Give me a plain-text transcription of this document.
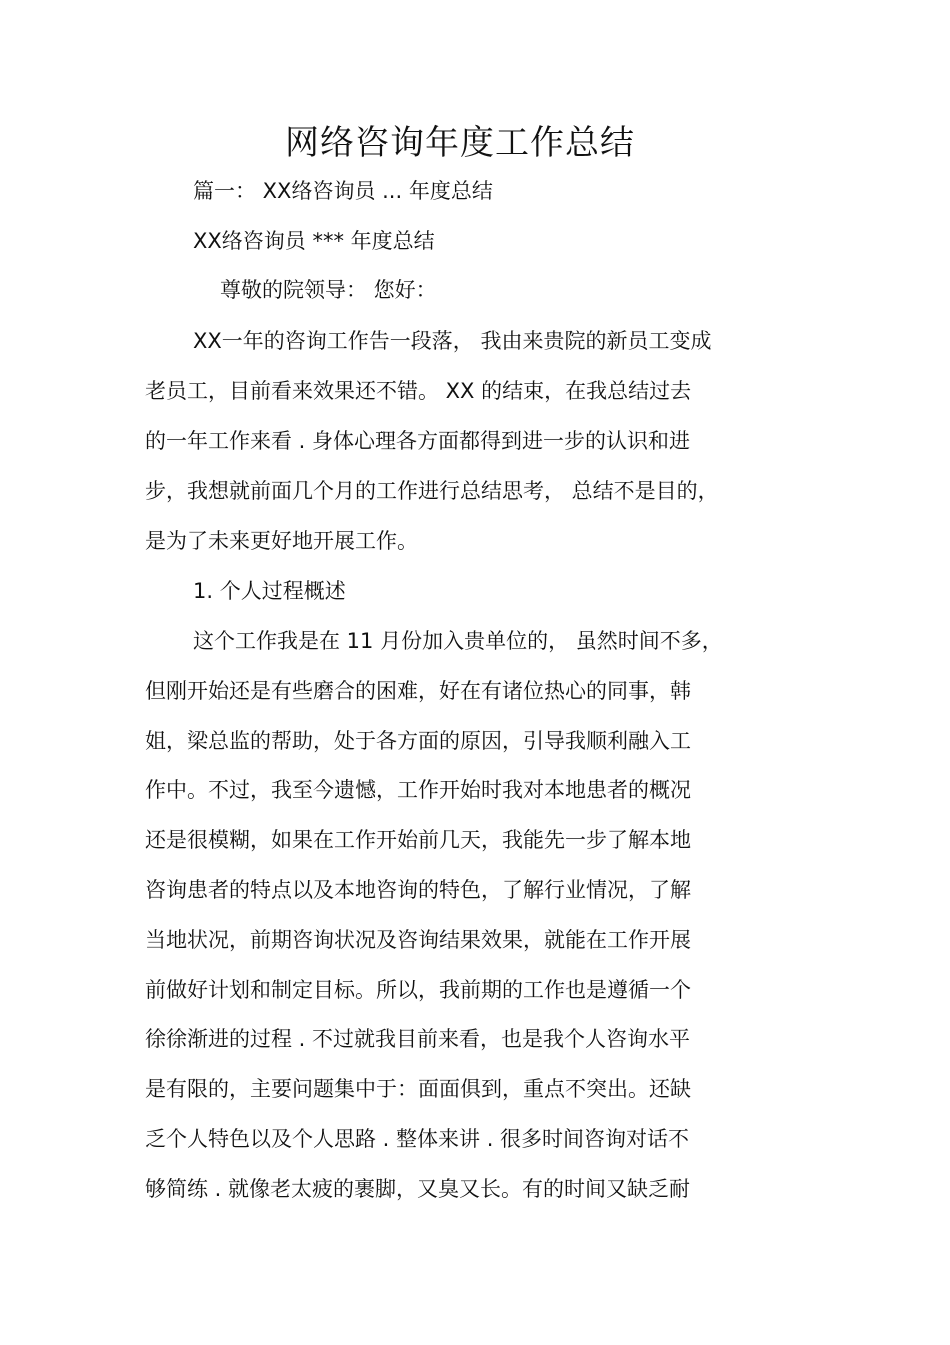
网络咨询年度工作总结
篇一： XX络咨询员 ... 年度总结
XX络咨询员 *** 年度总结
尊敬的院领导： 您好：
XX一年的咨询工作告一段落， 我由来贵院的新员工变成
老员工，目前看来效果还不错。 XX 的结束，在我总结过去
的一年工作来看 . 身体心理各方面都得到进一步的认识和进
步，我想就前面几个月的工作进行总结思考， 总结不是目的，
是为了未来更好地开展工作。
1. 个人过程概述
这个工作我是在 11 月份加入贵单位的， 虽然时间不多，
但刚开始还是有些磨合的困难，好在有诸位热心的同事，韩
姐，梁总监的帮助，处于各方面的原因，引导我顺利融入工
作中。不过，我至今遗憾，工作开始时我对本地患者的概况
还是很模糊，如果在工作开始前几天，我能先一步了解本地
咨询患者的特点以及本地咨询的特色，了解行业情况，了解
当地状况，前期咨询状况及咨询结果效果，就能在工作开展
前做好计划和制定目标。所以，我前期的工作也是遵循一个
徐徐渐进的过程 . 不过就我目前来看，也是我个人咨询水平
是有限的，主要问题集中于：面面俱到，重点不突出。还缺
乏个人特色以及个人思路 . 整体来讲 . 很多时间咨询对话不
够简练 . 就像老太疲的裹脚，又臭又长。有的时间又缺乏耐
